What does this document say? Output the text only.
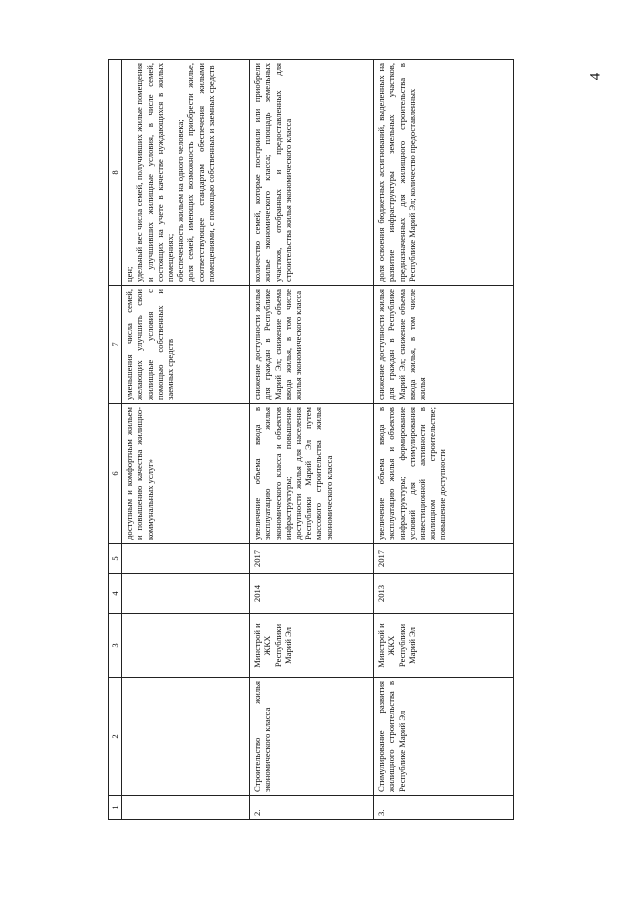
4
1	2	3	4	5	6	7	8
					доступным и комфортным жильем и повышению качества жилищно-коммунальных услуг»	уменьшения числа семей, желающих улучшить свои жилищные условия с помощью собственных и заемных средств	цен;
удельный вес числа семей, получивших жилые помещения и улучшивших жилищные условия, в числе семей, состоящих на учете в качестве нуждающихся в жилых помещениях;
обеспеченность жильем на одного человека;
доля семей, имеющих возможность приобрести жилье, соответствующее стандартам обеспечения жилыми помещениями, с помощью собственных и заемных средств
2.	Строительство жилья экономического класса	Минстрой и ЖКХ Республики Марий Эл	2014	2017	увеличение объема ввода в эксплуатацию жилья экономического класса и объектов инфраструктуры; повышение доступности жилья для населения Республики Марий Эл путем массового строительства жилья экономического класса	снижение доступности жилья для граждан в Республике Марий Эл; снижение объема ввода жилья, в том числе жилья экономического класса	количество семей, которые построили или приобрели жилье экономического класса; площадь земельных участков, отобранных и предоставленных для строительства жилья экономического класса
3.	Стимулирование развития жилищного строительства в Республике Марий Эл	Минстрой и ЖКХ Республики Марий Эл	2013	2017	увеличение объема ввода в эксплуатацию жилья и объектов инфраструктуры; формирование условий для стимулирования инвестиционной активности в жилищном строительстве; повышение доступности	снижение доступности жилья для граждан в Республике Марий Эл; снижение объема ввода жилья, в том числе жилья	доля освоения бюджетных ассигнований, выделенных на развитие инфраструктуры земельных участков, предназначенных для жилищного строительства в Республике Марий Эл; количество предоставленных
